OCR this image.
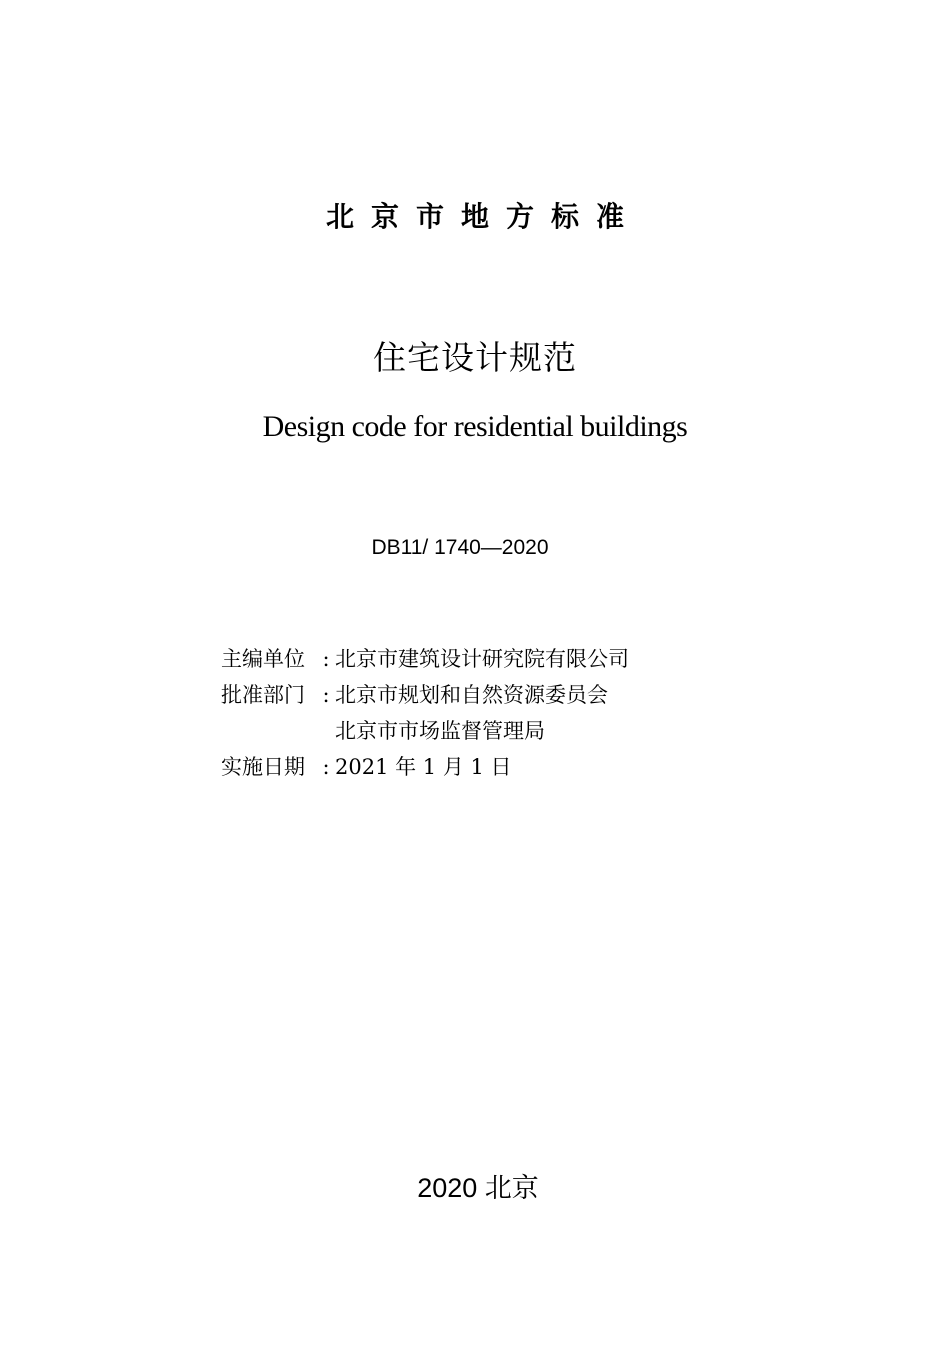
北京市地方标准
住宅设计规范
Design code for residential buildings
DB11/ 1740—2020
主编单位 : 北京市建筑设计研究院有限公司
批准部门 : 北京市规划和自然资源委员会
北京市市场监督管理局
实施日期 : 2021 年 1 月 1 日
2020 北京
